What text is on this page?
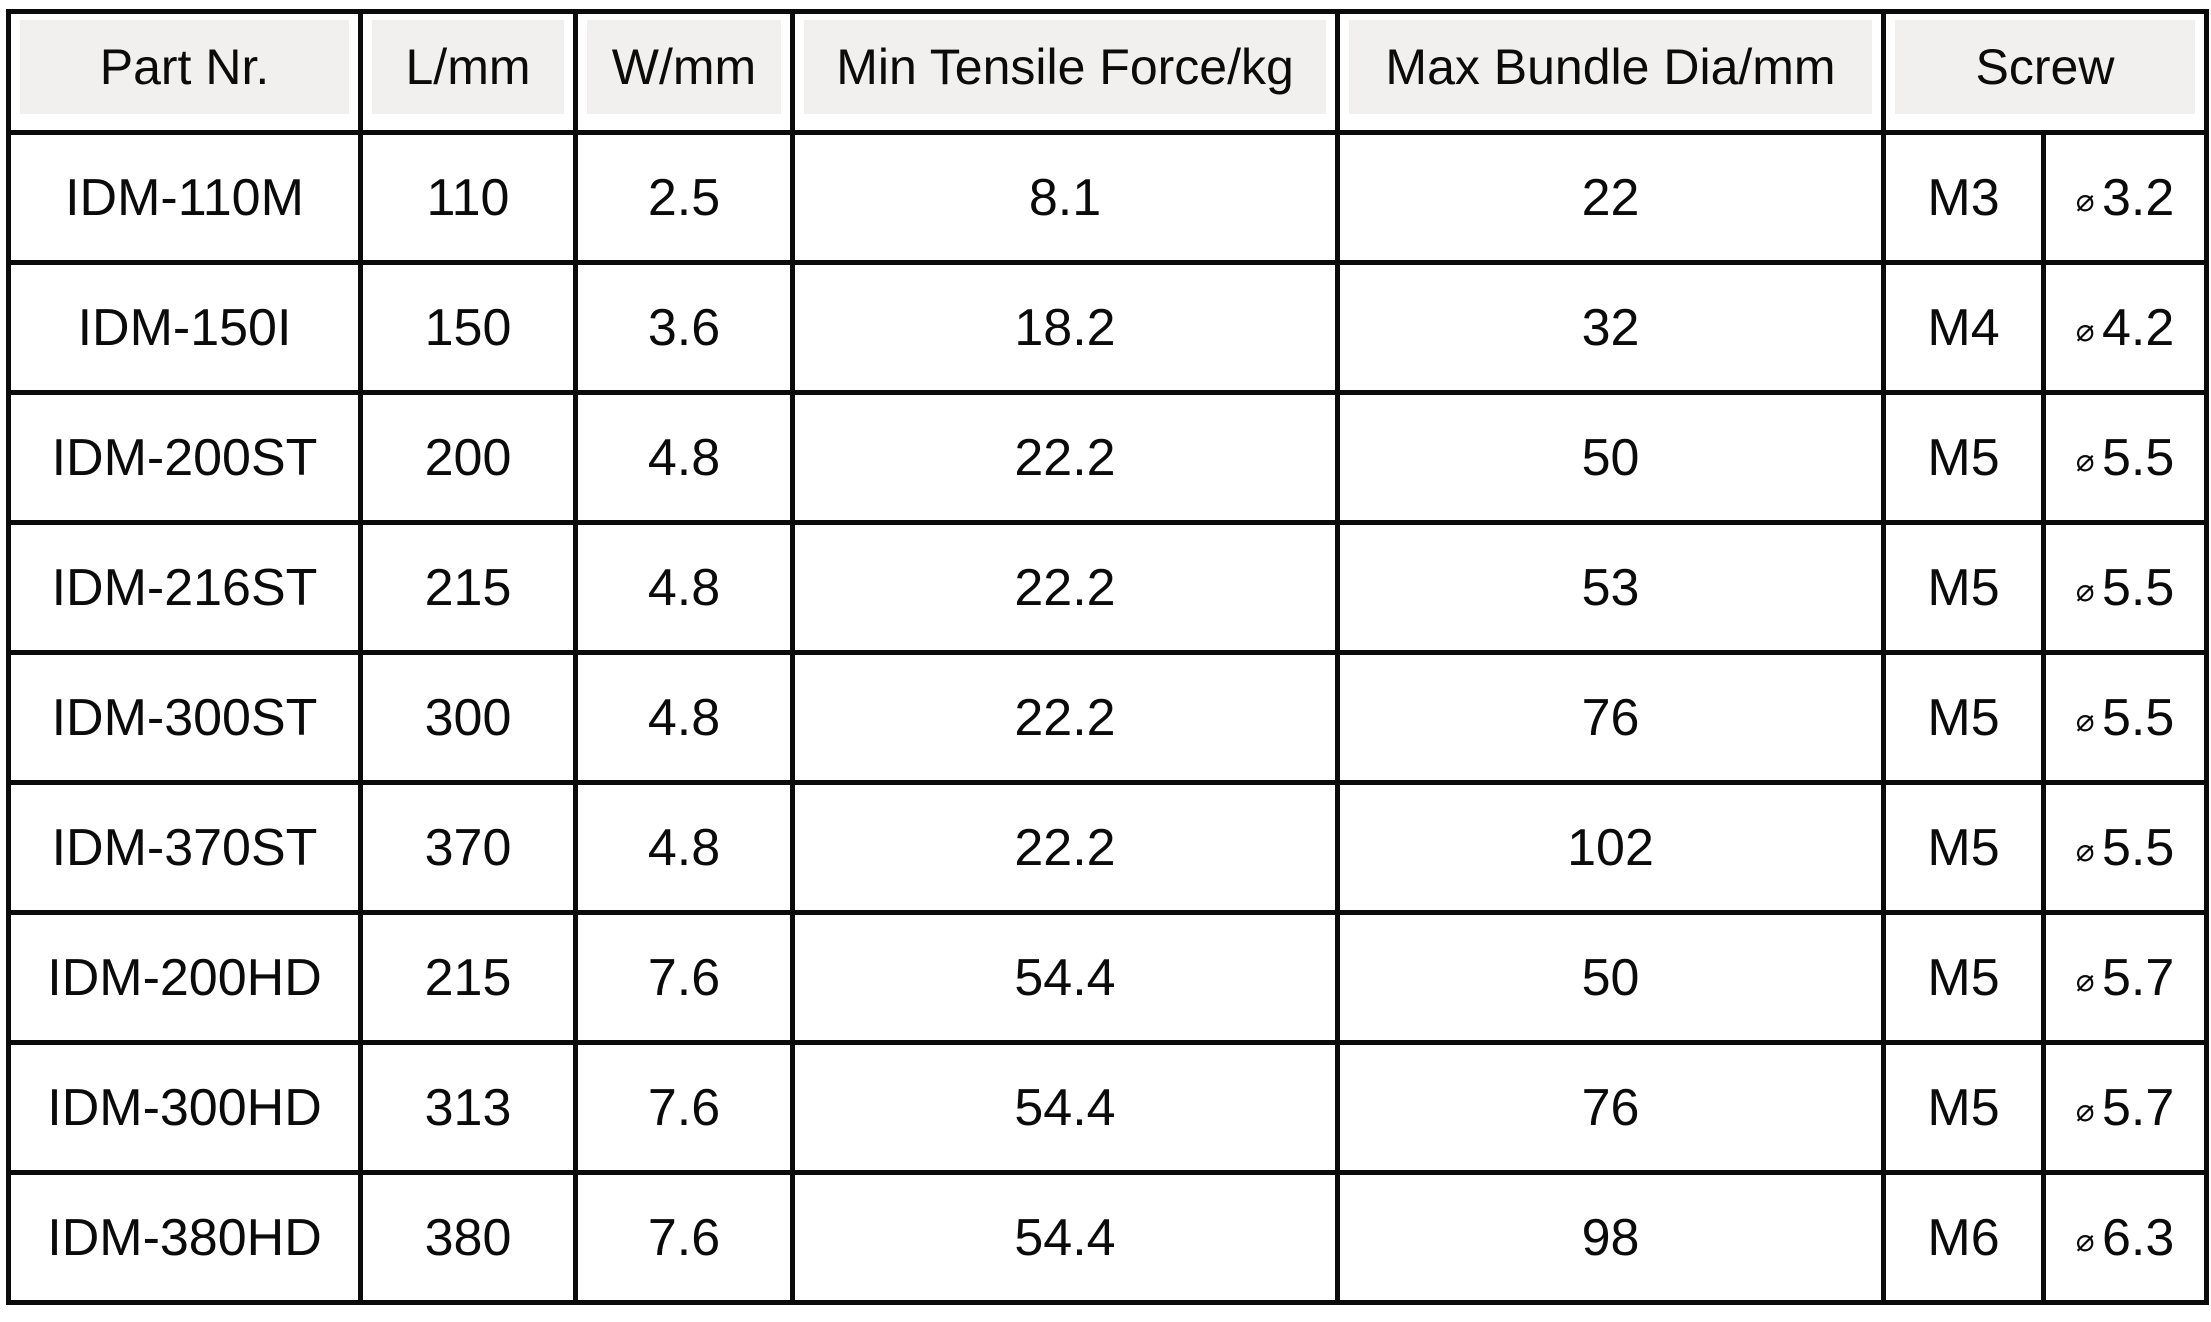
Part Nr.	L/mm	W/mm	Min Tensile Force/kg	Max Bundle Dia/mm	Screw	

IDM-110M	110	2.5	8.1	22	M3	⌀ 3.2
IDM-150I	150	3.6	18.2	32	M4	⌀ 4.2
IDM-200ST	200	4.8	22.2	50	M5	⌀ 5.5
IDM-216ST	215	4.8	22.2	53	M5	⌀ 5.5
IDM-300ST	300	4.8	22.2	76	M5	⌀ 5.5
IDM-370ST	370	4.8	22.2	102	M5	⌀ 5.5
IDM-200HD	215	7.6	54.4	50	M5	⌀ 5.7
IDM-300HD	313	7.6	54.4	76	M5	⌀ 5.7
IDM-380HD	380	7.6	54.4	98	M6	⌀ 6.3
